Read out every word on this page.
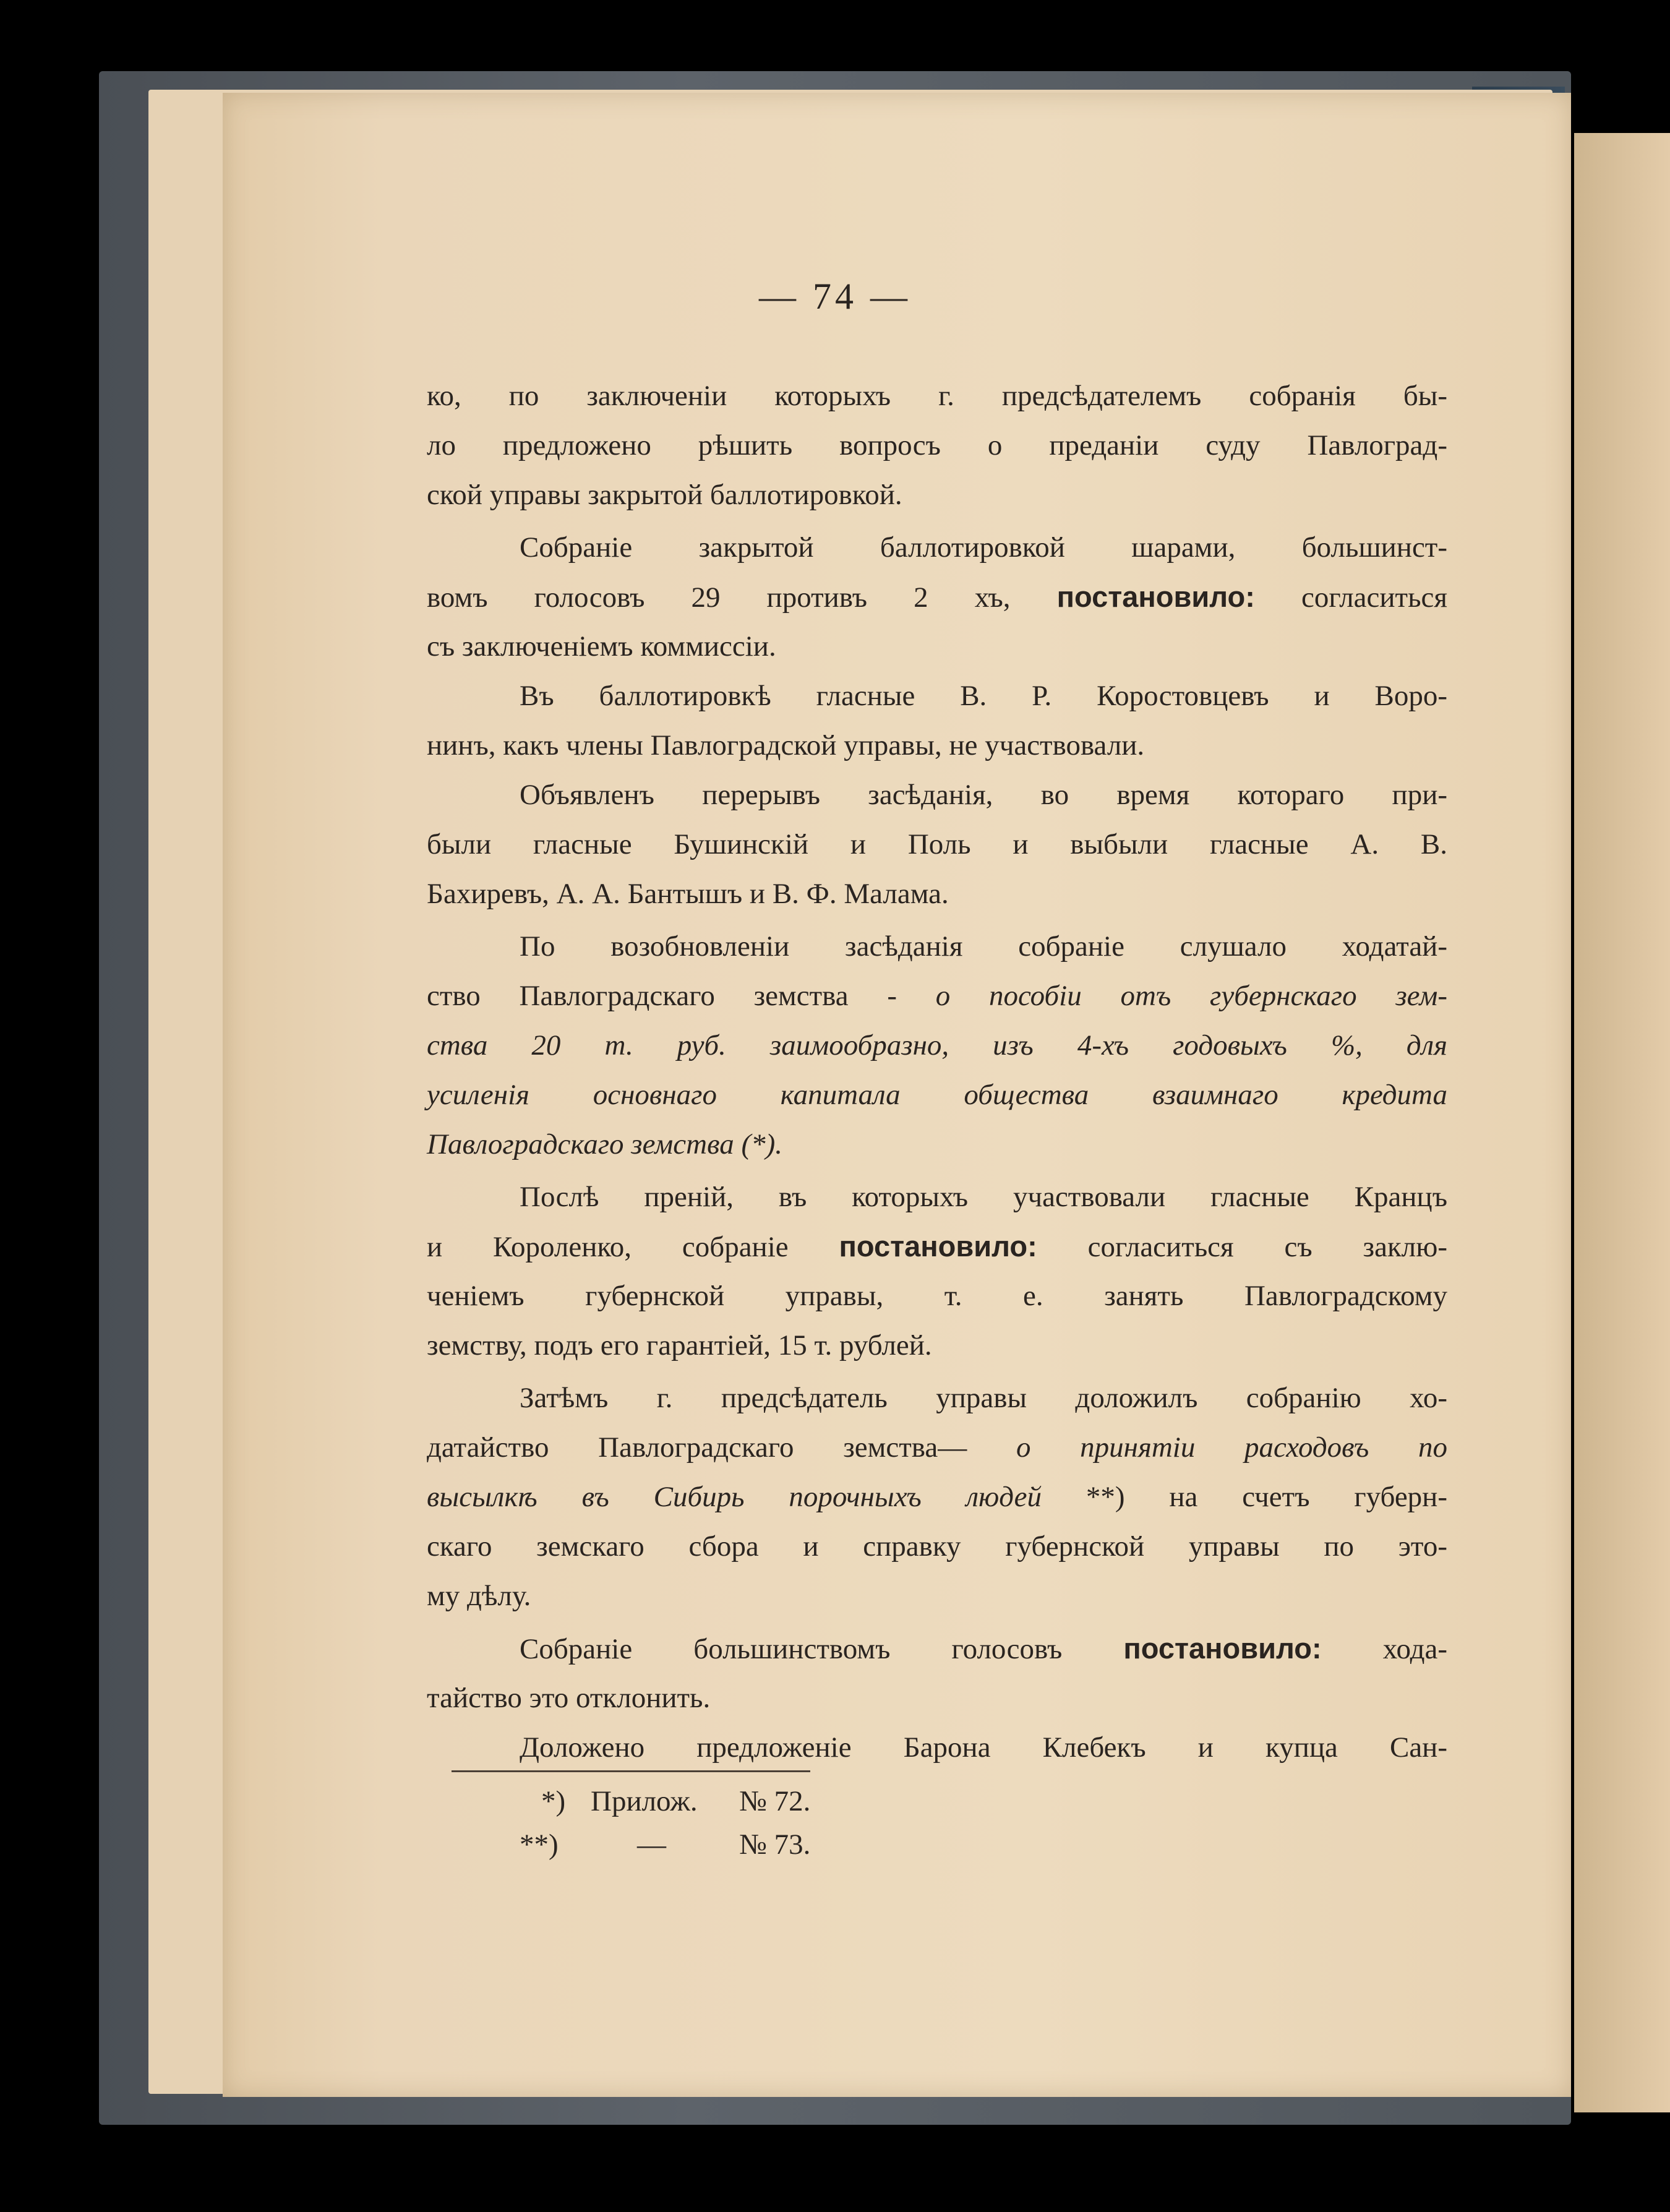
— 74 —
ко, по заключеніи которыхъ г. предсѣдателемъ собранія бы-
ло предложено рѣшить вопросъ о преданіи суду Павлоград-
ской управы закрытой баллотировкой.
Собраніе закрытой баллотировкой шарами, большинст-
вомъ голосовъ 29 противъ 2 хъ, постановило: согласиться
съ заключеніемъ коммиссіи.
Въ баллотировкѣ гласные В. Р. Коростовцевъ и Воро-
нинъ, какъ члены Павлоградской управы, не участвовали.
Объявленъ перерывъ засѣданія, во время котораго при-
были гласные Бушинскій и Поль и выбыли гласные А. В.
Бахиревъ, А. А. Бантышъ и В. Ф. Малама.
По возобновленіи засѣданія собраніе слушало ходатай-
ство Павлоградскаго земства - о пособіи отъ губернскаго зем-
ства 20 т. руб. заимообразно, изъ 4-хъ годовыхъ %, для
усиленія основнаго капитала общества взаимнаго кредита
Павлоградскаго земства (*).
Послѣ преній, въ которыхъ участвовали гласные Кранцъ
и Короленко, собраніе постановило: согласиться съ заклю-
ченіемъ губернской управы, т. е. занять Павлоградскому
земству, подъ его гарантіей, 15 т. рублей.
Затѣмъ г. предсѣдатель управы доложилъ собранію хо-
датайство Павлоградскаго земства— о принятіи расходовъ по
высылкѣ въ Сибирь порочныхъ людей **) на счетъ губерн-
скаго земскаго сбора и справку губернской управы по это-
му дѣлу.
Собраніе большинствомъ голосовъ постановило: хода-
тайство это отклонить.
Доложено предложеніе Барона Клебекъ и купца Сан-
*) Прилож. № 72.
**)	—	№ 73.
